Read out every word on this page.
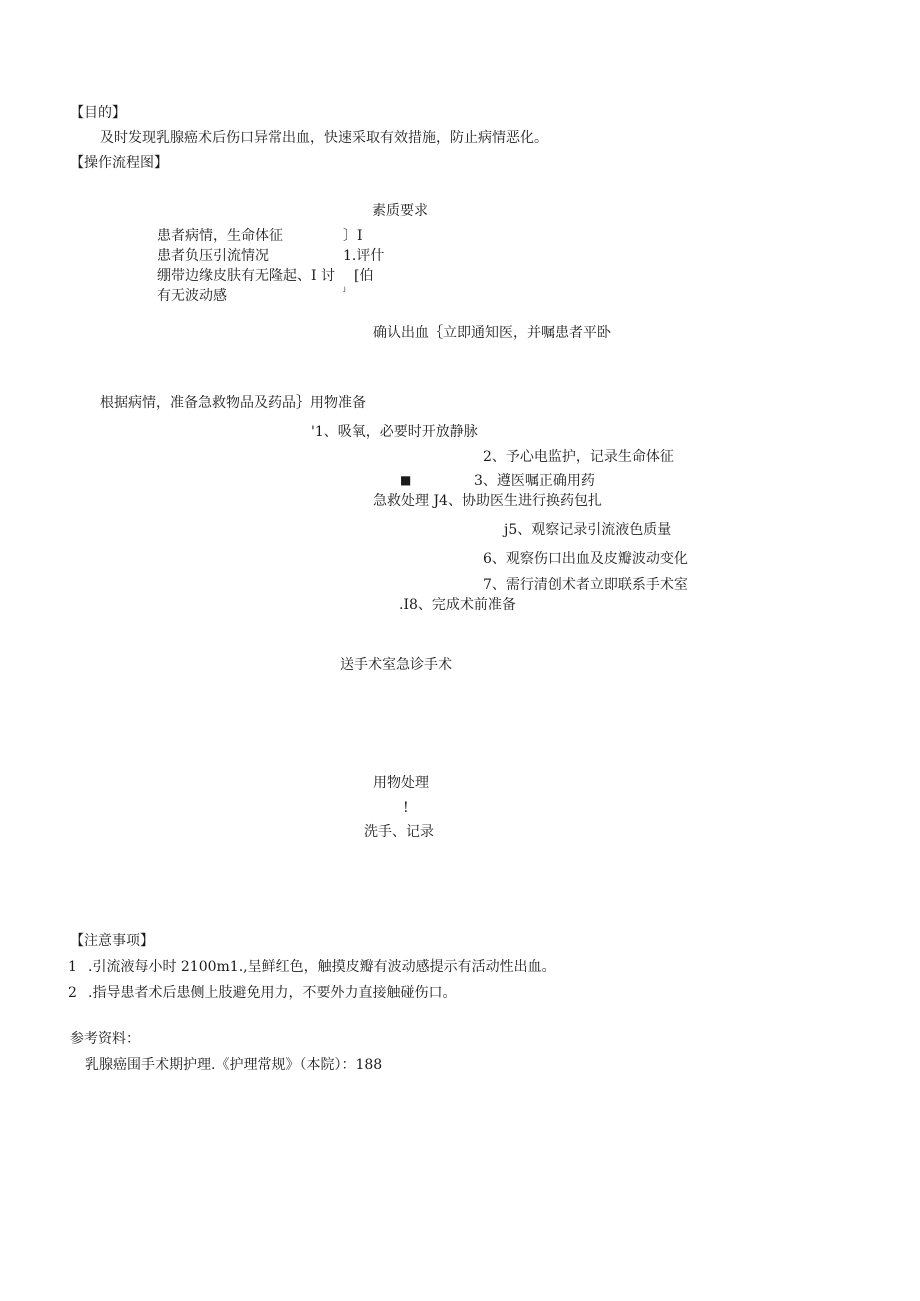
【目的】
及时发现乳腺癌术后伤口异常出血，快速采取有效措施，防止病情恶化。
【操作流程图】
素质要求
患者病情，生命体征	〕I
患者负压引流情况	1.评什
绷带边缘皮肤有无隆起、I 讨 [伯
有无波动感	ʲ
确认出血｛立即通知医，并嘱患者平卧
根据病情，准备急救物品及药品｝用物准备
'1、吸氧，必要时开放静脉
2、予心电监护，记录生命体征
■	3、遵医嘱正确用药
急救处理 J4、协助医生进行换药包扎
j5、观察记录引流液色质量
6、观察伤口出血及皮瓣波动变化
7、需行清创术者立即联系手术室
.I8、完成术前准备
送手术室急诊手术
用物处理
!
洗手、记录
【注意事项】
1 .引流液每小时 2100m1.,呈鲜红色，触摸皮瓣有波动感提示有活动性出血。
2 .指导患者术后患侧上肢避免用力，不要外力直接触碰伤口。
参考资料：
乳腺癌围手术期护理.《护理常规》（本院）：188
